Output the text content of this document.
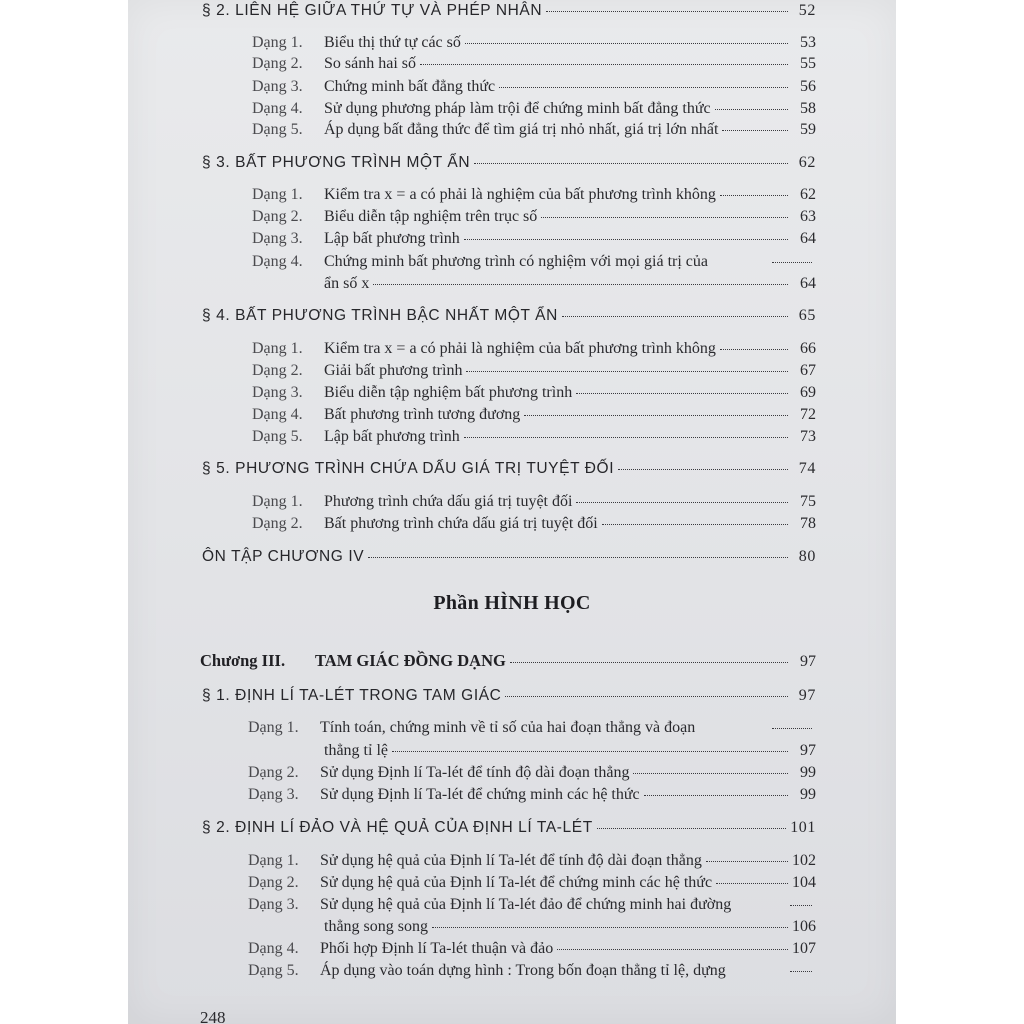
§ 2. LIÊN HỆ GIỮA THỨ TỰ VÀ PHÉP NHÂN	52
Dạng 1.	Biểu thị thứ tự các số	53
Dạng 2.	So sánh hai số	55
Dạng 3.	Chứng minh bất đẳng thức	56
Dạng 4.	Sử dụng phương pháp làm trội để chứng minh bất đẳng thức	58
Dạng 5.	Áp dụng bất đẳng thức để tìm giá trị nhỏ nhất, giá trị lớn nhất	59
§ 3. BẤT PHƯƠNG TRÌNH MỘT ẨN	62
Dạng 1.	Kiểm tra x = a có phải là nghiệm của bất phương trình không	62
Dạng 2.	Biểu diễn tập nghiệm trên trục số	63
Dạng 3.	Lập bất phương trình	64
Dạng 4.	Chứng minh bất phương trình có nghiệm với mọi giá trị của
ẩn số x	64
§ 4. BẤT PHƯƠNG TRÌNH BẬC NHẤT MỘT ẨN	65
Dạng 1.	Kiểm tra x = a có phải là nghiệm của bất phương trình không	66
Dạng 2.	Giải bất phương trình	67
Dạng 3.	Biểu diễn tập nghiệm bất phương trình	69
Dạng 4.	Bất phương trình tương đương	72
Dạng 5.	Lập bất phương trình	73
§ 5. PHƯƠNG TRÌNH CHỨA DẤU GIÁ TRỊ TUYỆT ĐỐI	74
Dạng 1.	Phương trình chứa dấu giá trị tuyệt đối	75
Dạng 2.	Bất phương trình chứa dấu giá trị tuyệt đối	78
ÔN TẬP CHƯƠNG IV	80
Phần HÌNH HỌC
Chương III.	TAM GIÁC ĐỒNG DẠNG	97
§ 1. ĐỊNH LÍ TA-LÉT TRONG TAM GIÁC	97
Dạng 1.	Tính toán, chứng minh về tỉ số của hai đoạn thẳng và đoạn
thẳng tỉ lệ	97
Dạng 2.	Sử dụng Định lí Ta-lét để tính độ dài đoạn thẳng	99
Dạng 3.	Sử dụng Định lí Ta-lét để chứng minh các hệ thức	99
§ 2. ĐỊNH LÍ ĐẢO VÀ HỆ QUẢ CỦA ĐỊNH LÍ TA-LÉT	101
Dạng 1.	Sử dụng hệ quả của Định lí Ta-lét để tính độ dài đoạn thẳng	102
Dạng 2.	Sử dụng hệ quả của Định lí Ta-lét để chứng minh các hệ thức	104
Dạng 3.	Sử dụng hệ quả của Định lí Ta-lét đảo để chứng minh hai đường
thẳng song song	106
Dạng 4.	Phối hợp Định lí Ta-lét thuận và đảo	107
Dạng 5.	Áp dụng vào toán dựng hình : Trong bốn đoạn thẳng tỉ lệ, dựng
248
